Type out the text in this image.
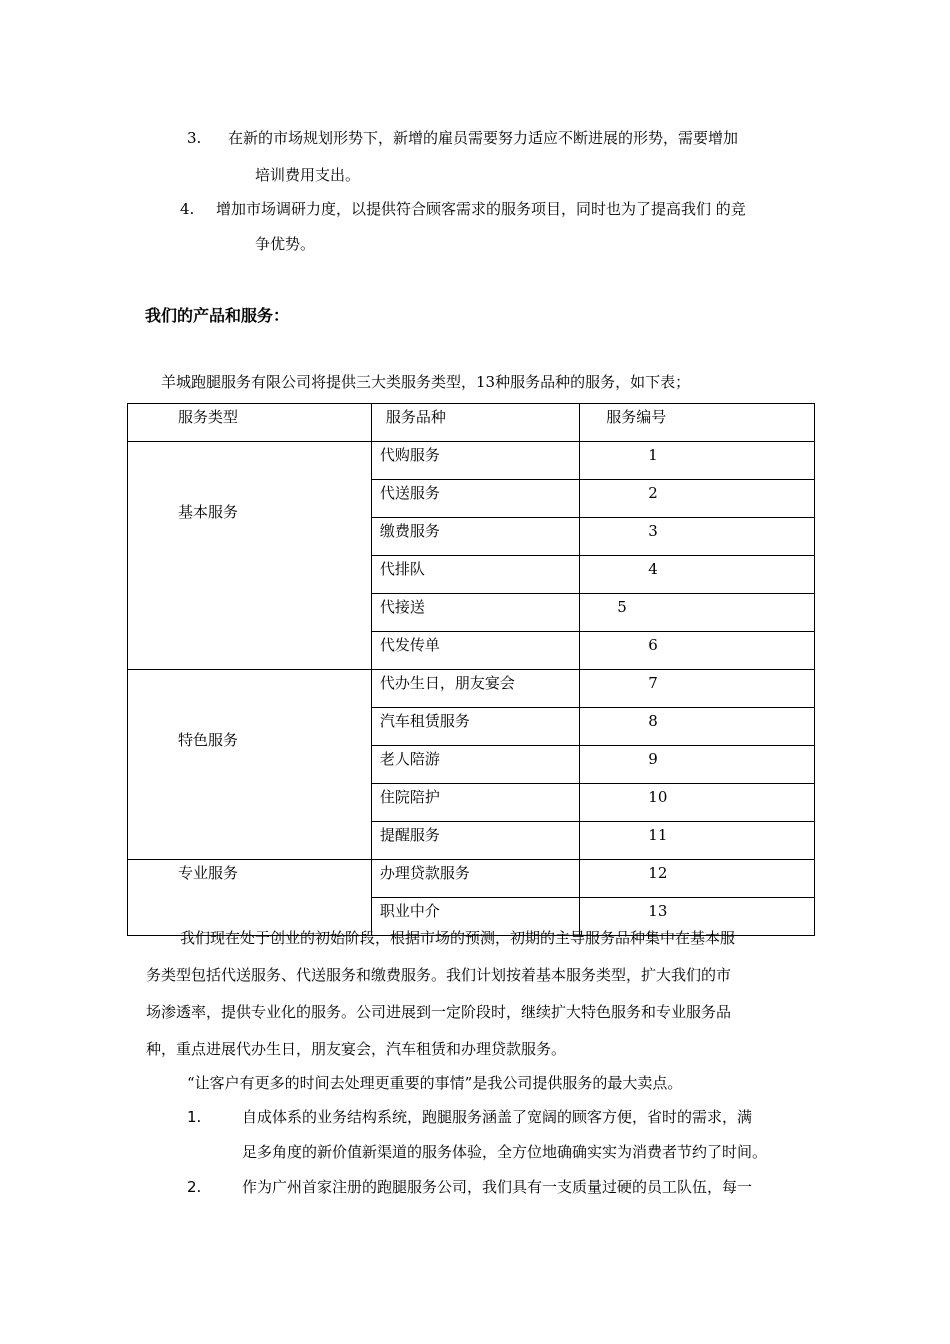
3. 在新的市场规划形势下，新增的雇员需要努力适应不断进展的形势，需要增加
培训费用支出。
4. 增加市场调研力度，以提供符合顾客需求的服务项目，同时也为了提高我们 的竞
争优势。
我们的产品和服务：
羊城跑腿服务有限公司将提供三大类服务类型，13种服务品种的服务，如下表；
服务类型	服务品种	服务编号
基本服务	代购服务	1
	代送服务	2
	缴费服务	3
	代排队	4
	代接送	5
	代发传单	6
特色服务	代办生日，朋友宴会	7
	汽车租赁服务	8
	老人陪游	9
	住院陪护	10
	提醒服务	11
专业服务	办理贷款服务	12
	职业中介	13
我们现在处于创业的初始阶段，根据市场的预测，初期的主导服务品种集中在基本服
务类型包括代送服务、代送服务和缴费服务。我们计划按着基本服务类型，扩大我们的市
场渗透率，提供专业化的服务。公司进展到一定阶段时，继续扩大特色服务和专业服务品
种，重点进展代办生日，朋友宴会，汽车租赁和办理贷款服务。
“让客户有更多的时间去处理更重要的事情”是我公司提供服务的最大卖点。
1.	自成体系的业务结构系统，跑腿服务涵盖了宽阔的顾客方便，省时的需求，满
足多角度的新价值新渠道的服务体验，全方位地确确实实为消费者节约了时间。
2.	作为广州首家注册的跑腿服务公司，我们具有一支质量过硬的员工队伍，每一
